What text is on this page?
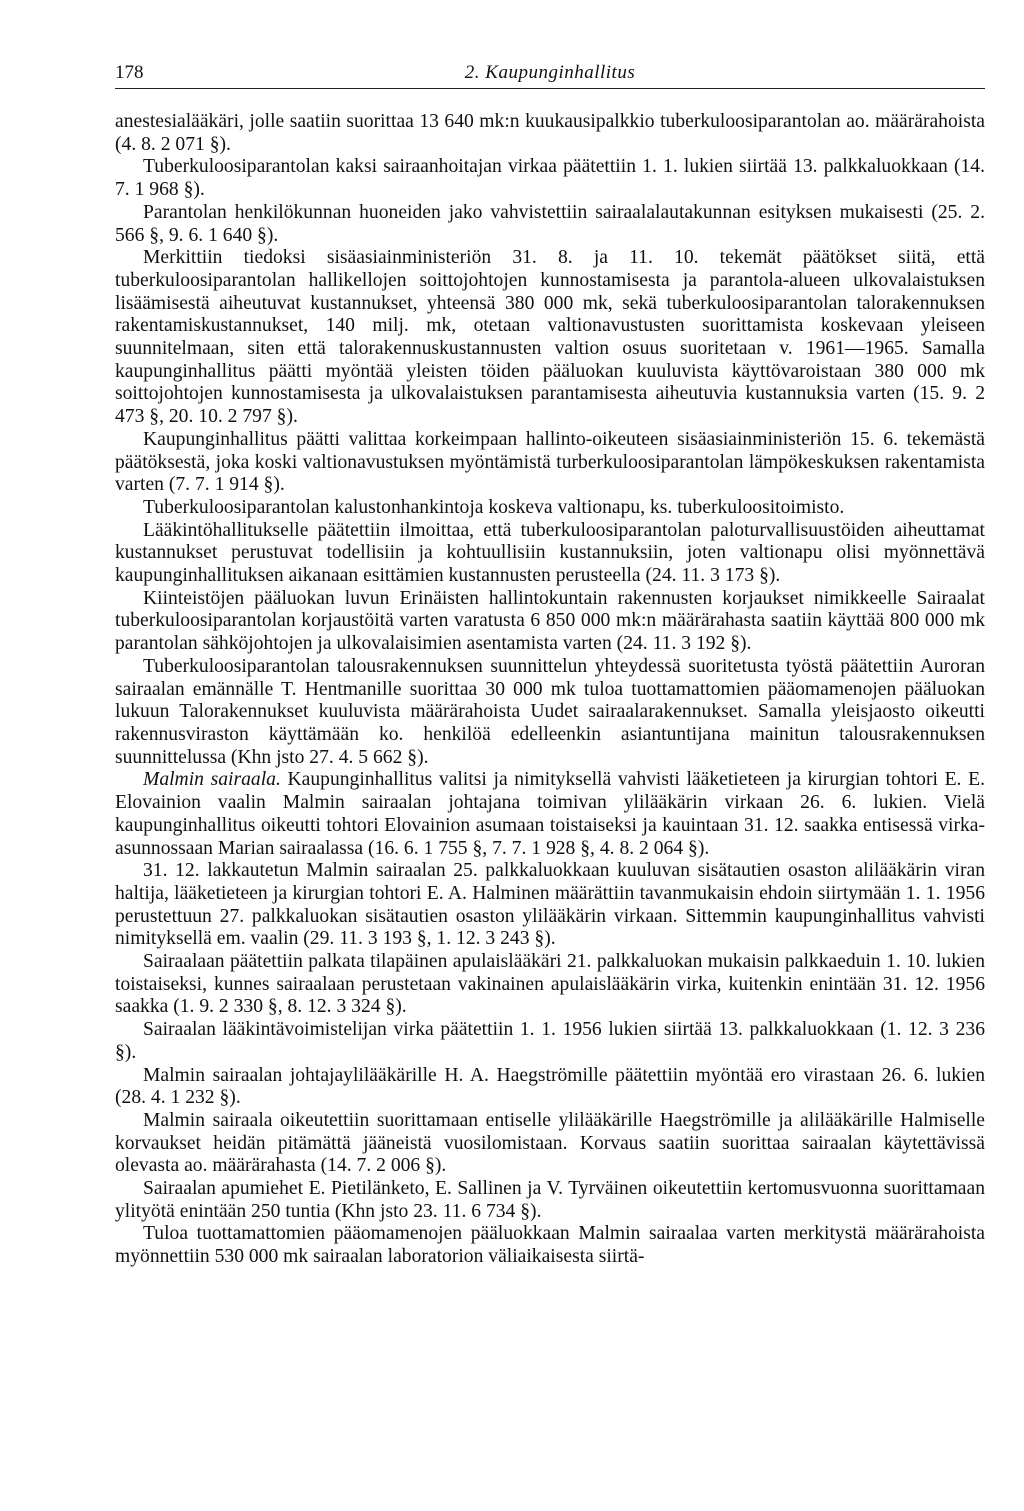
178	2. Kaupunginhallitus

anestesialääkäri, jolle saatiin suorittaa 13 640 mk:n kuukausipalkkio tuberkuloosiparantolan ao. määrärahoista (4. 8. 2 071 §).

Tuberkuloosiparantolan kaksi sairaanhoitajan virkaa päätettiin 1. 1. lukien siirtää 13. palkkaluokkaan (14. 7. 1 968 §).

Parantolan henkilökunnan huoneiden jako vahvistettiin sairaalalautakunnan esityksen mukaisesti (25. 2. 566 §, 9. 6. 1 640 §).

Merkittiin tiedoksi sisäasiainministeriön 31. 8. ja 11. 10. tekemät päätökset siitä, että tuberkuloosiparantolan hallikellojen soittojohtojen kunnostamisesta ja parantola-alueen ulkovalaistuksen lisäämisestä aiheutuvat kustannukset, yhteensä 380 000 mk, sekä tuberkuloosiparantolan talorakennuksen rakentamiskustannukset, 140 milj. mk, otetaan valtionavustusten suorittamista koskevaan yleiseen suunnitelmaan, siten että talorakennuskustannusten valtion osuus suoritetaan v. 1961—1965. Samalla kaupunginhallitus päätti myöntää yleisten töiden pääluokan kuuluvista käyttövaroistaan 380 000 mk soittojohtojen kunnostamisesta ja ulkovalaistuksen parantamisesta aiheutuvia kustannuksia varten (15. 9. 2 473 §, 20. 10. 2 797 §).

Kaupunginhallitus päätti valittaa korkeimpaan hallinto-oikeuteen sisäasiainministeriön 15. 6. tekemästä päätöksestä, joka koski valtionavustuksen myöntämistä turberkuloosiparantolan lämpökeskuksen rakentamista varten (7. 7. 1 914 §).

Tuberkuloosiparantolan kalustonhankintoja koskeva valtionapu, ks. tuberkuloositoimisto.

Lääkintöhallitukselle päätettiin ilmoittaa, että tuberkuloosiparantolan paloturvallisuustöiden aiheuttamat kustannukset perustuvat todellisiin ja kohtuullisiin kustannuksiin, joten valtionapu olisi myönnettävä kaupunginhallituksen aikanaan esittämien kustannusten perusteella (24. 11. 3 173 §).

Kiinteistöjen pääluokan luvun Erinäisten hallintokuntain rakennusten korjaukset nimikkeelle Sairaalat tuberkuloosiparantolan korjaustöitä varten varatusta 6 850 000 mk:n määrärahasta saatiin käyttää 800 000 mk parantolan sähköjohtojen ja ulkovalaisimien asentamista varten (24. 11. 3 192 §).

Tuberkuloosiparantolan talousrakennuksen suunnittelun yhteydessä suoritetusta työstä päätettiin Auroran sairaalan emännälle T. Hentmanille suorittaa 30 000 mk tuloa tuottamattomien pääomamenojen pääluokan lukuun Talorakennukset kuuluvista määrärahoista Uudet sairaalarakennukset. Samalla yleisjaosto oikeutti rakennusviraston käyttämään ko. henkilöä edelleenkin asiantuntijana mainitun talousrakennuksen suunnittelussa (Khn jsto 27. 4. 5 662 §).

Malmin sairaala. Kaupunginhallitus valitsi ja nimityksellä vahvisti lääketieteen ja kirurgian tohtori E. E. Elovainion vaalin Malmin sairaalan johtajana toimivan ylilääkärin virkaan 26. 6. lukien. Vielä kaupunginhallitus oikeutti tohtori Elovainion asumaan toistaiseksi ja kauintaan 31. 12. saakka entisessä virka-asunnossaan Marian sairaalassa (16. 6. 1 755 §, 7. 7. 1 928 §, 4. 8. 2 064 §).

31. 12. lakkautetun Malmin sairaalan 25. palkkaluokkaan kuuluvan sisätautien osaston alilääkärin viran haltija, lääketieteen ja kirurgian tohtori E. A. Halminen määrättiin tavanmukaisin ehdoin siirtymään 1. 1. 1956 perustettuun 27. palkkaluokan sisätautien osaston ylilääkärin virkaan. Sittemmin kaupunginhallitus vahvisti nimityksellä em. vaalin (29. 11. 3 193 §, 1. 12. 3 243 §).

Sairaalaan päätettiin palkata tilapäinen apulaislääkäri 21. palkkaluokan mukaisin palkkaeduin 1. 10. lukien toistaiseksi, kunnes sairaalaan perustetaan vakinainen apulaislääkärin virka, kuitenkin enintään 31. 12. 1956 saakka (1. 9. 2 330 §, 8. 12. 3 324 §).

Sairaalan lääkintävoimistelijan virka päätettiin 1. 1. 1956 lukien siirtää 13. palkkaluokkaan (1. 12. 3 236 §).

Malmin sairaalan johtajaylilääkärille H. A. Haegströmille päätettiin myöntää ero virastaan 26. 6. lukien (28. 4. 1 232 §).

Malmin sairaala oikeutettiin suorittamaan entiselle ylilääkärille Haegströmille ja alilääkärille Halmiselle korvaukset heidän pitämättä jääneistä vuosilomistaan. Korvaus saatiin suorittaa sairaalan käytettävissä olevasta ao. määrärahasta (14. 7. 2 006 §).

Sairaalan apumiehet E. Pietilänketo, E. Sallinen ja V. Tyrväinen oikeutettiin kertomusvuonna suorittamaan ylityötä enintään 250 tuntia (Khn jsto 23. 11. 6 734 §).

Tuloa tuottamattomien pääomamenojen pääluokkaan Malmin sairaalaa varten merkitystä määrärahoista myönnettiin 530 000 mk sairaalan laboratorion väliaikaisesta siirtä-
